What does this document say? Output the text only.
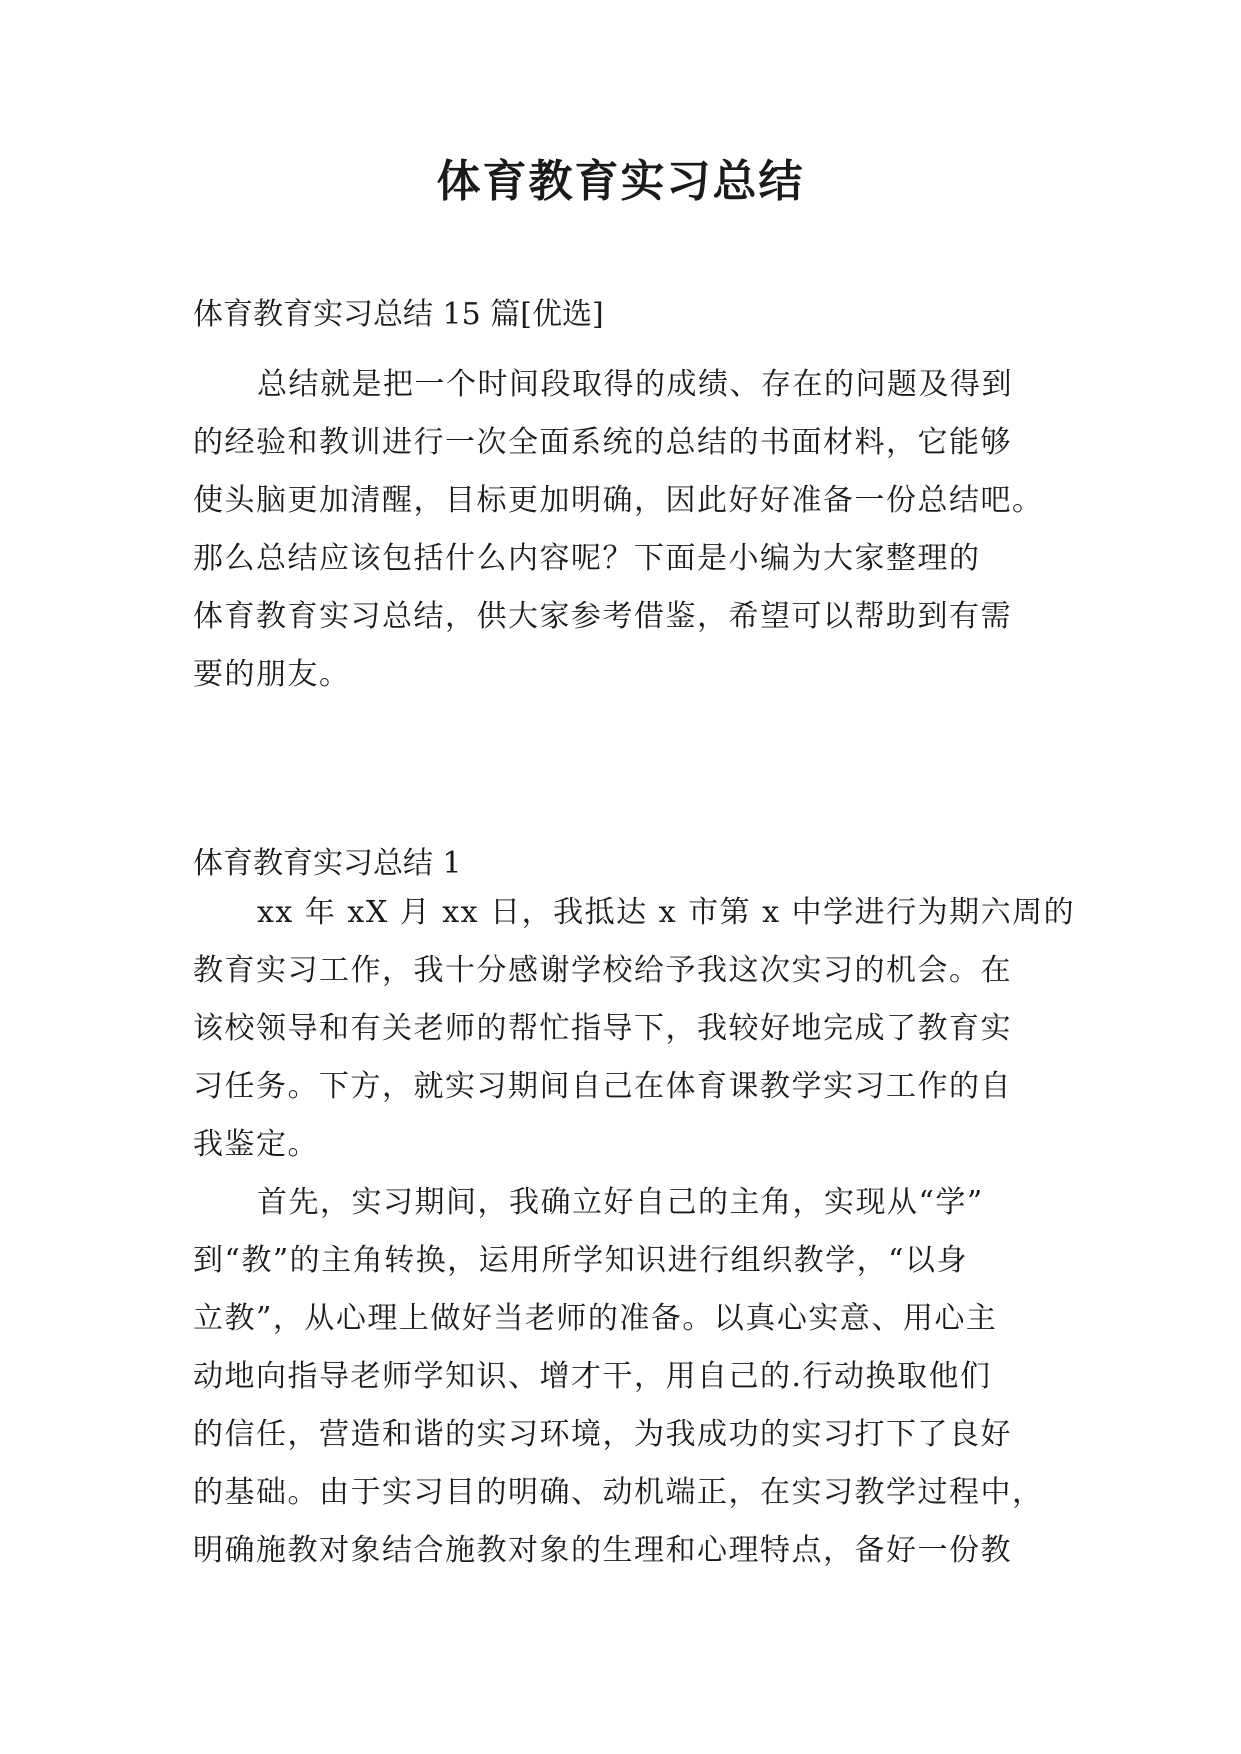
体育教育实习总结
体育教育实习总结 15 篇[优选]
总结就是把一个时间段取得的成绩、存在的问题及得到
的经验和教训进行一次全面系统的总结的书面材料，它能够
使头脑更加清醒，目标更加明确，因此好好准备一份总结吧。
那么总结应该包括什么内容呢？下面是小编为大家整理的
体育教育实习总结，供大家参考借鉴，希望可以帮助到有需
要的朋友。
体育教育实习总结 1
xx 年 xX 月 xx 日，我抵达 x 市第 x 中学进行为期六周的
教育实习工作，我十分感谢学校给予我这次实习的机会。在
该校领导和有关老师的帮忙指导下，我较好地完成了教育实
习任务。下方，就实习期间自己在体育课教学实习工作的自
我鉴定。
首先，实习期间，我确立好自己的主角，实现从“学”
到“教”的主角转换，运用所学知识进行组织教学，“以身
立教”，从心理上做好当老师的准备。以真心实意、用心主
动地向指导老师学知识、增才干，用自己的.行动换取他们
的信任，营造和谐的实习环境，为我成功的实习打下了良好
的基础。由于实习目的明确、动机端正，在实习教学过程中，
明确施教对象结合施教对象的生理和心理特点，备好一份教
